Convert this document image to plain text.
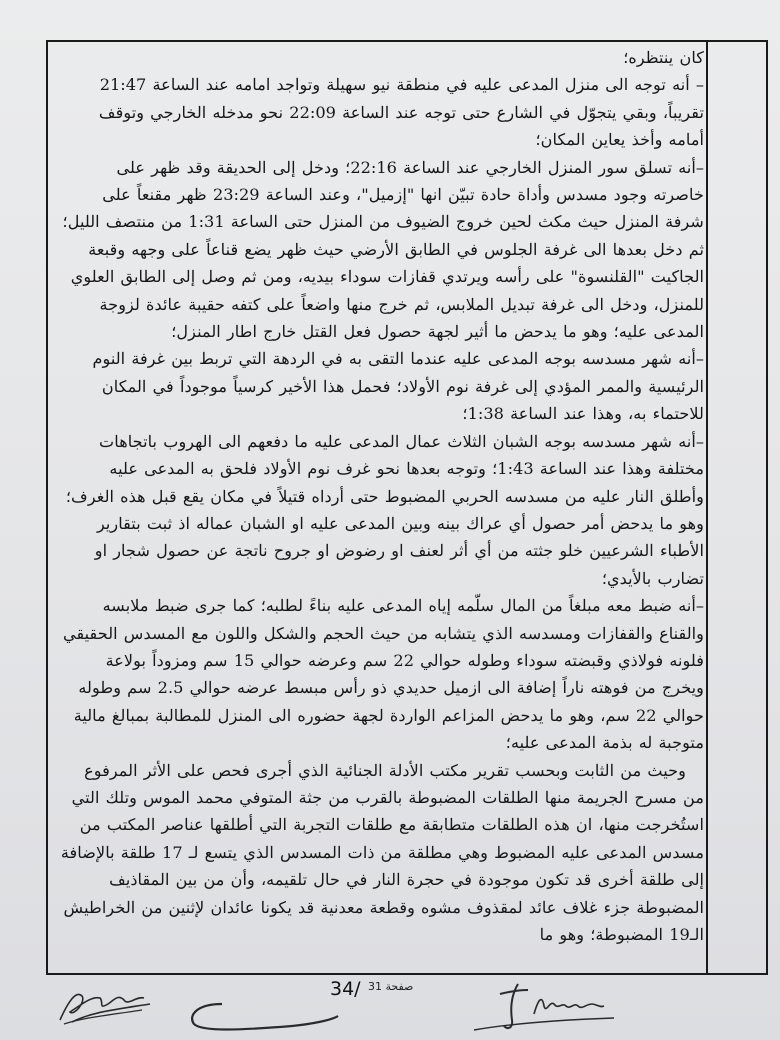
كان ينتظره؛

– أنه توجه الى منزل المدعى عليه في منطقة نيو سهيلة وتواجد امامه عند الساعة 21:47 تقريباً، وبقي يتجوّل في الشارع حتى توجه عند الساعة 22:09 نحو مدخله الخارجي وتوقف أمامه وأخذ يعاين المكان؛

–أنه تسلق سور المنزل الخارجي عند الساعة 22:16؛ ودخل إلى الحديقة وقد ظهر على خاصرته وجود مسدس وأداة حادة تبيّن انها "إزميل"، وعند الساعة 23:29 ظهر مقنعاً على شرفة المنزل حيث مكث لحين خروج الضيوف من المنزل حتى الساعة 1:31 من منتصف الليل؛ ثم دخل بعدها الى غرفة الجلوس في الطابق الأرضي حيث ظهر يضع قناعاً على وجهه وقبعة الجاكيت "القلنسوة" على رأسه ويرتدي قفازات سوداء بيديه، ومن ثم وصل إلى الطابق العلوي للمنزل، ودخل الى غرفة تبديل الملابس، ثم خرج منها واضعاً على كتفه حقيبة عائدة لزوجة المدعى عليه؛ وهو ما يدحض ما أثير لجهة حصول فعل القتل خارج اطار المنزل؛

–أنه شهر مسدسه بوجه المدعى عليه عندما التقى به في الردهة التي تربط بين غرفة النوم الرئيسية والممر المؤدي إلى غرفة نوم الأولاد؛ فحمل هذا الأخير كرسياً موجوداً في المكان للاحتماء به، وهذا عند الساعة 1:38؛

–أنه شهر مسدسه بوجه الشبان الثلاث عمال المدعى عليه ما دفعهم الى الهروب باتجاهات مختلفة وهذا عند الساعة 1:43؛ وتوجه بعدها نحو غرف نوم الأولاد فلحق به المدعى عليه وأطلق النار عليه من مسدسه الحربي المضبوط حتى أرداه قتيلاً في مكان يقع قبل هذه الغرف؛ وهو ما يدحض أمر حصول أي عراك بينه وبين المدعى عليه او الشبان عماله اذ ثبت بتقارير الأطباء الشرعيين خلو جثته من أي أثر لعنف او رضوض او جروح ناتجة عن حصول شجار او تضارب بالأيدي؛

–أنه ضبط معه مبلغاً من المال سلّمه إياه المدعى عليه بناءً لطلبه؛ كما جرى ضبط ملابسه والقناع والقفازات ومسدسه الذي يتشابه من حيث الحجم والشكل واللون مع المسدس الحقيقي فلونه فولاذي وقبضته سوداء وطوله حوالي 22 سم وعرضه حوالي 15 سم ومزوداً بولاعة ويخرج من فوهته ناراً إضافة الى ازميل حديدي ذو رأس مبسط عرضه حوالي 2.5 سم وطوله حوالي 22 سم، وهو ما يدحض المزاعم الواردة لجهة حضوره الى المنزل للمطالبة بمبالغ مالية متوجبة له بذمة المدعى عليه؛

وحيث من الثابت وبحسب تقرير مكتب الأدلة الجنائية الذي أجرى فحص على الأثر المرفوع من مسرح الجريمة منها الطلقات المضبوطة بالقرب من جثة المتوفي محمد الموس وتلك التي استُخرجت منها، ان هذه الطلقات متطابقة مع طلقات التجربة التي أطلقها عناصر المكتب من مسدس المدعى عليه المضبوط وهي مطلقة من ذات المسدس الذي يتسع لـ 17 طلقة بالإضافة إلى طلقة أخرى قد تكون موجودة في حجرة النار في حال تلقيمه، وأن من بين المقاذيف المضبوطة جزء غلاف عائد لمقذوف مشوه وقطعة معدنية قد يكونا عائدان لإثنين من الخراطيش الـ19 المضبوطة؛ وهو ما

34/ صفحة 31
